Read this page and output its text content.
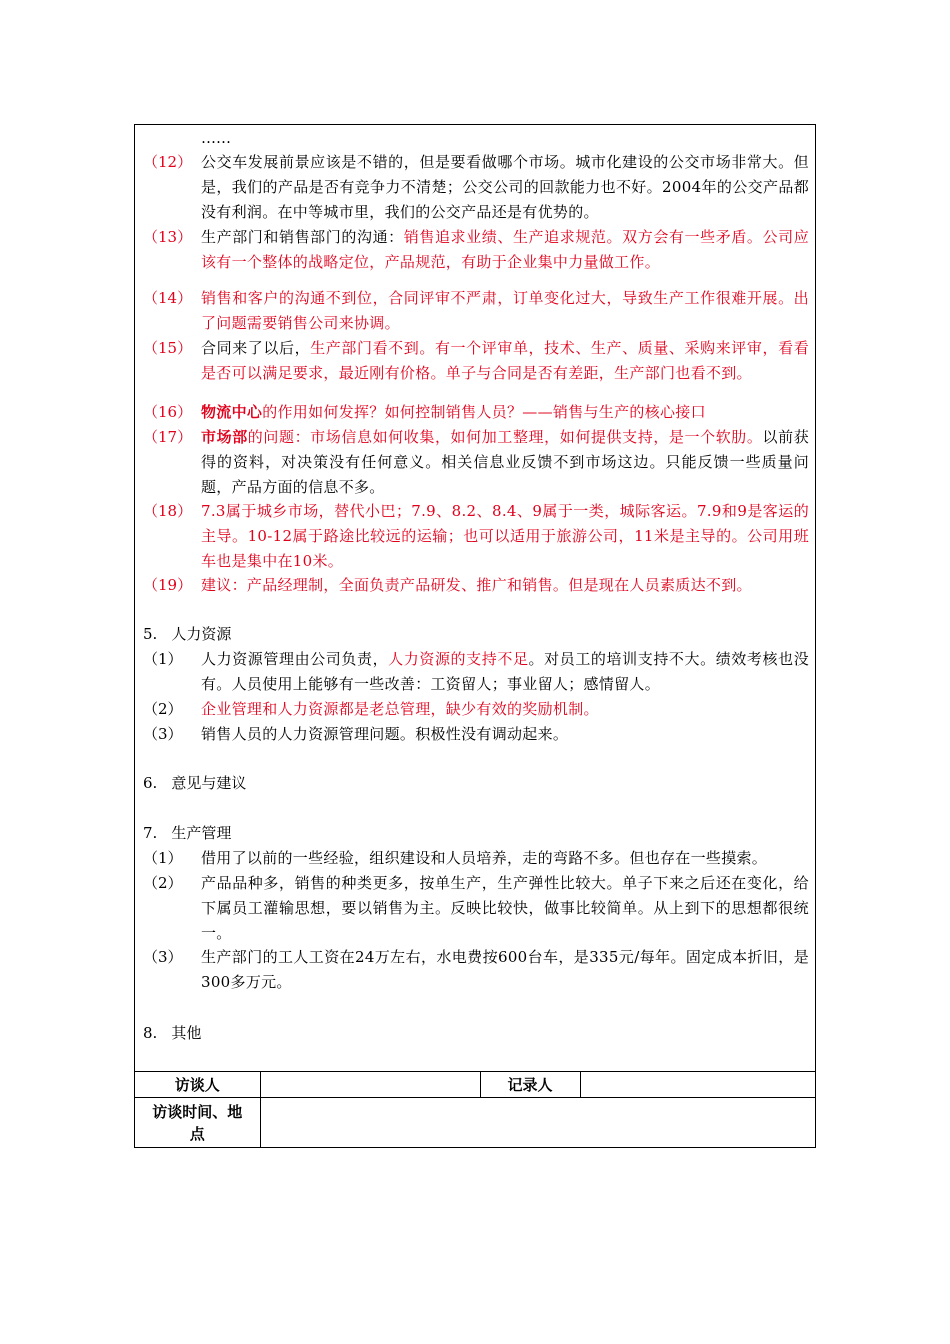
……
（12） 公交车发展前景应该是不错的，但是要看做哪个市场。城市化建设的公交市场非常大。但是，我们的产品是否有竞争力不清楚；公交公司的回款能力也不好。2004年的公交产品都没有利润。在中等城市里，我们的公交产品还是有优势的。
（13） 生产部门和销售部门的沟通：销售追求业绩、生产追求规范。双方会有一些矛盾。公司应该有一个整体的战略定位，产品规范，有助于企业集中力量做工作。
（14） 销售和客户的沟通不到位，合同评审不严肃，订单变化过大，导致生产工作很难开展。出了问题需要销售公司来协调。
（15） 合同来了以后，生产部门看不到。有一个评审单，技术、生产、质量、采购来评审，看看是否可以满足要求，最近刚有价格。单子与合同是否有差距，生产部门也看不到。
（16） 物流中心的作用如何发挥？如何控制销售人员？——销售与生产的核心接口
（17） 市场部的问题：市场信息如何收集，如何加工整理，如何提供支持，是一个软肋。以前获得的资料，对决策没有任何意义。相关信息业反馈不到市场这边。只能反馈一些质量问题，产品方面的信息不多。
（18） 7.3属于城乡市场，替代小巴；7.9、8.2、8.4、9属于一类，城际客运。7.9和9是客运的主导。10-12属于路途比较远的运输；也可以适用于旅游公司，11米是主导的。公司用班车也是集中在10米。
（19） 建议：产品经理制，全面负责产品研发、推广和销售。但是现在人员素质达不到。
5. 人力资源
（1） 人力资源管理由公司负责，人力资源的支持不足。对员工的培训支持不大。绩效考核也没有。人员使用上能够有一些改善：工资留人；事业留人；感情留人。
（2） 企业管理和人力资源都是老总管理，缺少有效的奖励机制。
（3） 销售人员的人力资源管理问题。积极性没有调动起来。
6. 意见与建议
7. 生产管理
（1） 借用了以前的一些经验，组织建设和人员培养，走的弯路不多。但也存在一些摸索。
（2） 产品品种多，销售的种类更多，按单生产，生产弹性比较大。单子下来之后还在变化，给下属员工灌输思想，要以销售为主。反映比较快，做事比较简单。从上到下的思想都很统一。
（3） 生产部门的工人工资在24万左右，水电费按600台车，是335元/每年。固定成本折旧，是300多万元。
8. 其他
访谈人		记录人	
访谈时间、地点			
